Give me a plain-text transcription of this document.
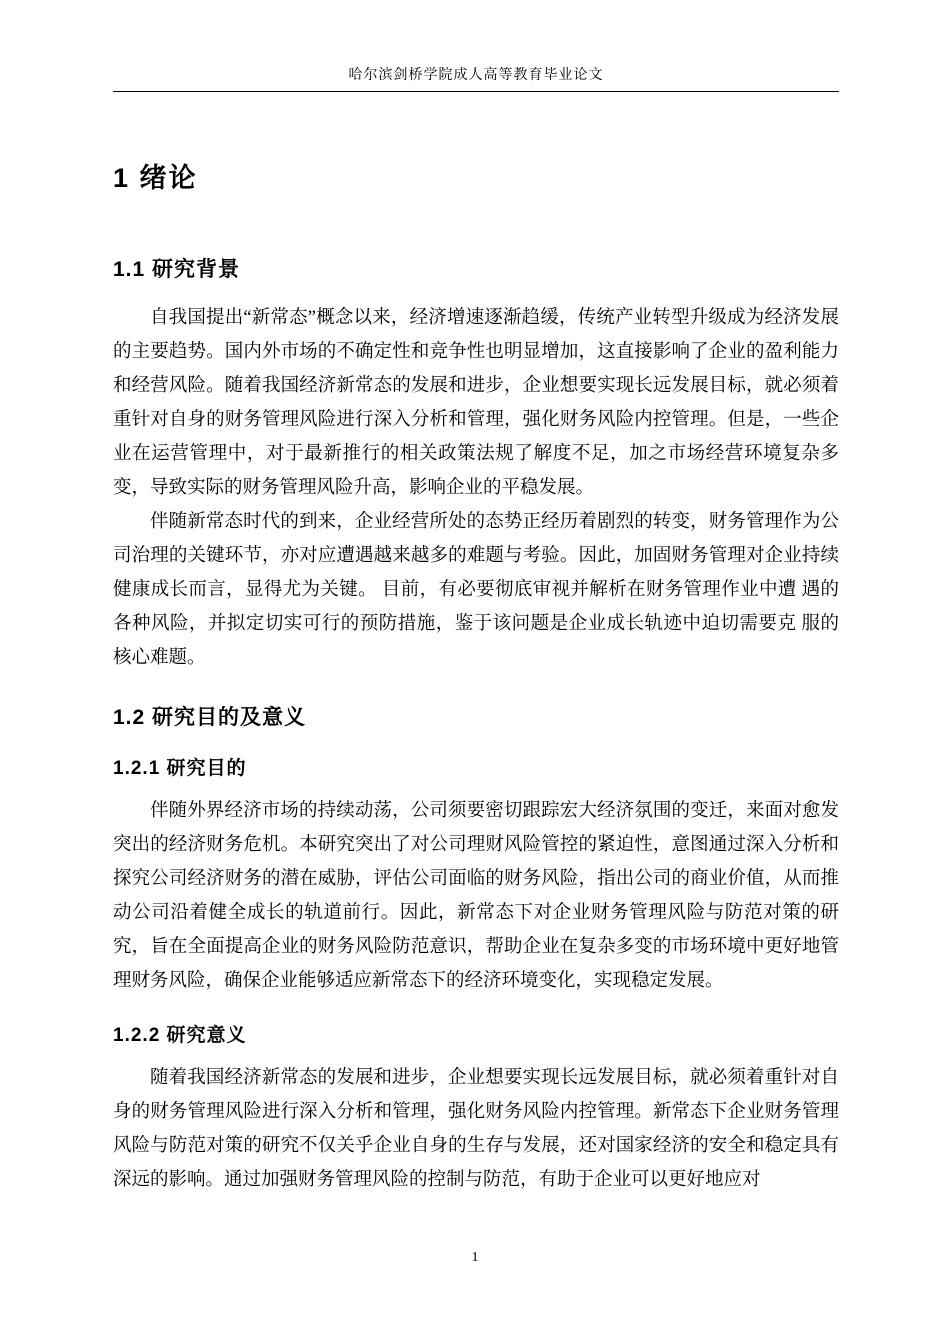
哈尔滨剑桥学院成人高等教育毕业论文
1 绪论
1.1 研究背景

自我国提出“新常态”概念以来，经济增速逐渐趋缓，传统产业转型升级成为经济发展的主要趋势。国内外市场的不确定性和竞争性也明显增加，这直接影响了企业的盈利能力和经营风险。随着我国经济新常态的发展和进步，企业想要实现长远发展目标，就必须着重针对自身的财务管理风险进行深入分析和管理，强化财务风险内控管理。但是，一些企业在运营管理中，对于最新推行的相关政策法规了解度不足，加之市场经营环境复杂多变，导致实际的财务管理风险升高，影响企业的平稳发展。

伴随新常态时代的到来，企业经营所处的态势正经历着剧烈的转变，财务管理作为公司治理的关键环节，亦对应遭遇越来越多的难题与考验。因此，加固财务管理对企业持续健康成长而言，显得尤为关键。 目前，有必要彻底审视并解析在财务管理作业中遭 遇的各种风险，并拟定切实可行的预防措施，鉴于该问题是企业成长轨迹中迫切需要克 服的核心难题。

1.2 研究目的及意义
1.2.1 研究目的

伴随外界经济市场的持续动荡，公司须要密切跟踪宏大经济氛围的变迁，来面对愈发突出的经济财务危机。本研究突出了对公司理财风险管控的紧迫性，意图通过深入分析和探究公司经济财务的潜在威胁，评估公司面临的财务风险，指出公司的商业价值，从而推动公司沿着健全成长的轨道前行。因此，新常态下对企业财务管理风险与防范对策的研究，旨在全面提高企业的财务风险防范意识，帮助企业在复杂多变的市场环境中更好地管理财务风险，确保企业能够适应新常态下的经济环境变化，实现稳定发展。

1.2.2 研究意义

随着我国经济新常态的发展和进步，企业想要实现长远发展目标，就必须着重针对自身的财务管理风险进行深入分析和管理，强化财务风险内控管理。新常态下企业财务管理风险与防范对策的研究不仅关乎企业自身的生存与发展，还对国家经济的安全和稳定具有深远的影响。通过加强财务管理风险的控制与防范，有助于企业可以更好地应对

1
